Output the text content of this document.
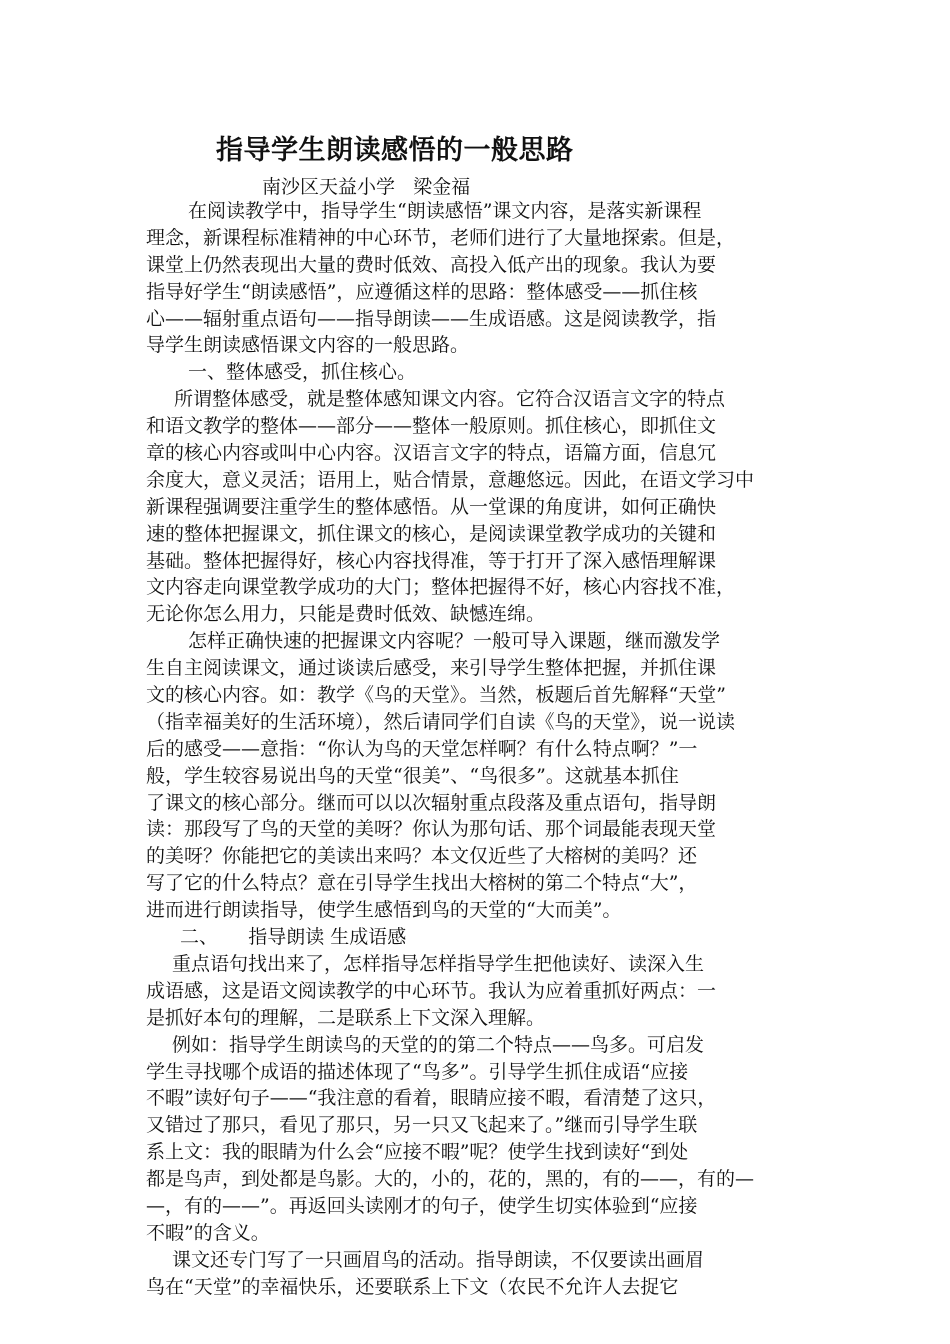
指导学生朗读感悟的一般思路
南沙区天益小学   梁金福
在阅读教学中，指导学生“朗读感悟”课文内容，是落实新课程
理念，新课程标准精神的中心环节，老师们进行了大量地探索。但是，
课堂上仍然表现出大量的费时低效、高投入低产出的现象。我认为要
指导好学生“朗读感悟”，应遵循这样的思路：整体感受——抓住核
心——辐射重点语句——指导朗读——生成语感。这是阅读教学，指
导学生朗读感悟课文内容的一般思路。
一、整体感受，抓住核心。
所谓整体感受，就是整体感知课文内容。它符合汉语言文字的特点
和语文教学的整体——部分——整体一般原则。抓住核心，即抓住文
章的核心内容或叫中心内容。汉语言文字的特点，语篇方面，信息冗
余度大，意义灵活；语用上，贴合情景，意趣悠远。因此，在语文学习中
新课程强调要注重学生的整体感悟。从一堂课的角度讲，如何正确快
速的整体把握课文，抓住课文的核心，是阅读课堂教学成功的关键和
基础。整体把握得好，核心内容找得准，等于打开了深入感悟理解课
文内容走向课堂教学成功的大门；整体把握得不好，核心内容找不准，
无论你怎么用力，只能是费时低效、缺憾连绵。
怎样正确快速的把握课文内容呢？一般可导入课题，继而激发学
生自主阅读课文，通过谈读后感受，来引导学生整体把握，并抓住课
文的核心内容。如：教学《鸟的天堂》。当然，板题后首先解释“天堂”
（指幸福美好的生活环境），然后请同学们自读《鸟的天堂》，说一说读
后的感受——意指：“你认为鸟的天堂怎样啊？有什么特点啊？”一
般，学生较容易说出鸟的天堂“很美”、“鸟很多”。这就基本抓住
了课文的核心部分。继而可以以次辐射重点段落及重点语句，指导朗
读：那段写了鸟的天堂的美呀？你认为那句话、那个词最能表现天堂
的美呀？你能把它的美读出来吗？本文仅近些了大榕树的美吗？还
写了它的什么特点？意在引导学生找出大榕树的第二个特点“大”，
进而进行朗读指导，使学生感悟到鸟的天堂的“大而美”。
二、     指导朗读 生成语感
重点语句找出来了，怎样指导怎样指导学生把他读好、读深入生
成语感，这是语文阅读教学的中心环节。我认为应着重抓好两点：一
是抓好本句的理解，二是联系上下文深入理解。
例如：指导学生朗读鸟的天堂的的第二个特点——鸟多。可启发
学生寻找哪个成语的描述体现了“鸟多”。引导学生抓住成语“应接
不暇”读好句子——“我注意的看着，眼睛应接不暇，看清楚了这只，
又错过了那只，看见了那只，另一只又飞起来了。”继而引导学生联
系上文：我的眼睛为什么会“应接不暇”呢？使学生找到读好“到处
都是鸟声，到处都是鸟影。大的，小的，花的，黑的，有的——，有的—
—，有的——”。再返回头读刚才的句子，使学生切实体验到“应接
不暇”的含义。
课文还专门写了一只画眉鸟的活动。指导朗读，不仅要读出画眉
鸟在“天堂”的幸福快乐，还要联系上下文（农民不允许人去捉它
